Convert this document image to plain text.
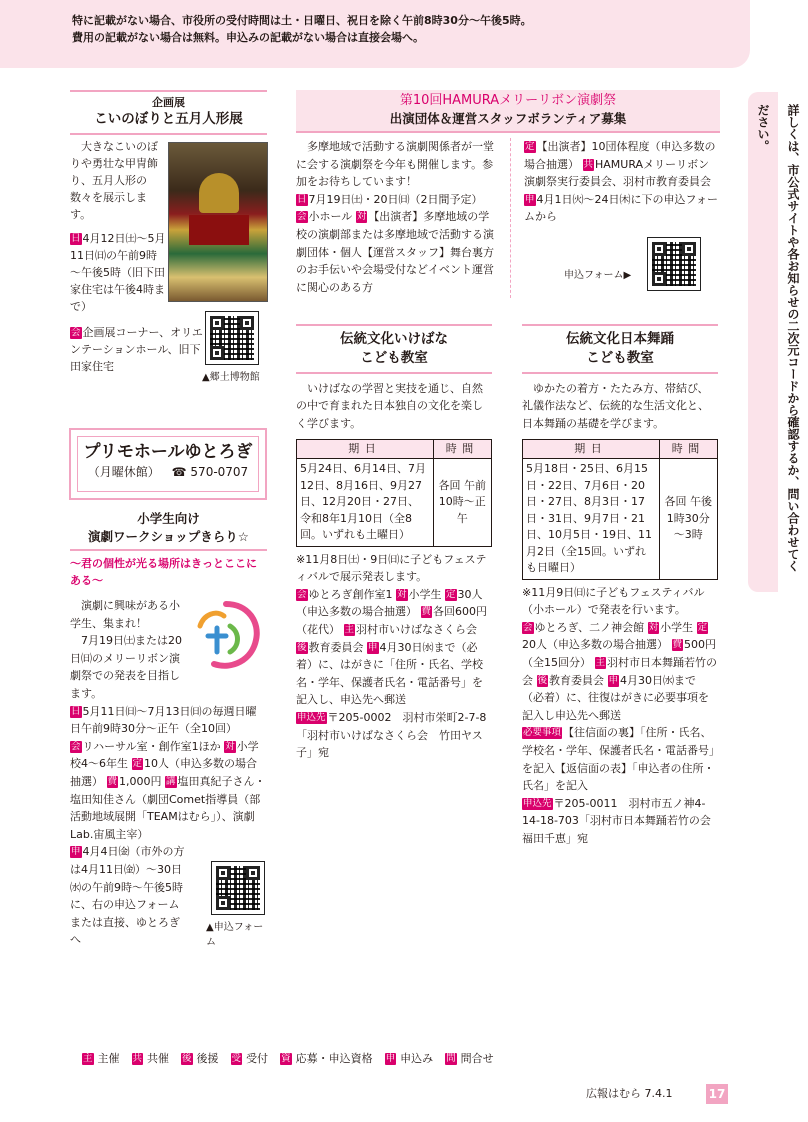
特に記載がない場合、市役所の受付時間は土・日曜日、祝日を除く午前8時30分～午後5時。
費用の記載がない場合は無料。申込みの記載がない場合は直接会場へ。
詳しくは、市公式サイトや各お知らせの二次元コードから確認するか、問い合わせてください。
企画展
こいのぼりと五月人形展

大きなこいのぼりや勇壮な甲冑飾り、五月人形の数々を展示します。

日 4月12日㈯～5月11日㈰の午前9時～午後5時（旧下田家住宅は午後4時まで）
会 企画展コーナー、オリエンテーションホール、旧下田家住宅
▲郷土博物館
プリモホールゆとろぎ
（月曜休館） ☎ 570-0707
小学生向け
演劇ワークショップきらり☆
～君の個性が光る場所はきっとここにある～

演劇に興味がある小学生、集まれ！

7月19日㈯または20日㈰のメリーリボン演劇祭での発表を目指します。

日 5月11日㈰～7月13日㈰の毎週日曜日午前9時30分～正午（全10回）
会 リハーサル室・創作室1ほか 対 小学校4～6年生 定 10人（申込多数の場合抽選） 費 1,000円 講 塩田真紀子さん・塩田知佳さん（劇団Comet指導員（部活動地域展開「TEAMはむら」）、演劇Lab.宙風主宰）
申 4月4日㈮（市外の方は4月11日㈮）～30日㈬の午前9時～午後5時に、右の申込フォームまたは直接、ゆとろぎへ
▲申込フォーム
第10回HAMURAメリーリボン演劇祭
出演団体＆運営スタッフボランティア募集

多摩地域で活動する演劇関係者が一堂に会する演劇祭を今年も開催します。参加をお待ちしています！

日 7月19日㈯・20日㈰（2日間予定）
会 小ホール 対 【出演者】多摩地域の学校の演劇部または多摩地域で活動する演劇団体・個人【運営スタッフ】舞台裏方のお手伝いや会場受付などイベント運営に関心のある方
定 【出演者】10団体程度（申込多数の場合抽選） 共 HAMURAメリーリボン演劇祭実行委員会、羽村市教育委員会
申 4月1日㈫～24日㈭に下の申込フォームから
申込フォーム▶
伝統文化いけばな
こども教室

いけばなの学習と実技を通じ、自然の中で育まれた日本独自の文化を楽しく学びます。

期日	時間
5月24日、6月14日、7月12日、8月16日、9月27日、12月20日・27日、令和8年1月10日（全8回。いずれも土曜日）	各回 午前10時～正午
※11月8日㈯・9日㈰に子どもフェスティバルで展示発表します。
会 ゆとろぎ創作室1 対 小学生 定 30人（申込多数の場合抽選） 費 各回600円（花代） 主 羽村市いけばなさくら会 後 教育委員会 申 4月30日㈬まで（必着）に、はがきに「住所・氏名、学校名・学年、保護者氏名・電話番号」を記入し、申込先へ郵送
申込先 〒205-0002　羽村市栄町2-7-8「羽村市いけばなさくら会　竹田ヤス子」宛
伝統文化日本舞踊
こども教室

ゆかたの着方・たたみ方、帯結び、礼儀作法など、伝統的な生活文化と、日本舞踊の基礎を学びます。

期日	時間
5月18日・25日、6月15日・22日、7月6日・20日・27日、8月3日・17日・31日、9月7日・21日、10月5日・19日、11月2日（全15回。いずれも日曜日）	各回 午後1時30分～3時
※11月9日㈰に子どもフェスティバル（小ホール）で発表を行います。
会 ゆとろぎ、二ノ神会館 対 小学生 定20人（申込多数の場合抽選） 費 500円（全15回分） 主 羽村市日本舞踊若竹の会 後 教育委員会 申 4月30日㈬まで（必着）に、往復はがきに必要事項を記入し申込先へ郵送
必要事項 【往信面の裏】「住所・氏名、学校名・学年、保護者氏名・電話番号」を記入【返信面の表】「申込者の住所・氏名」を記入
申込先 〒205-0011　羽村市五ノ神4-14-18-703「羽村市日本舞踊若竹の会　福田千恵」宛
主 主催 共 共催 後 後援 受 受付 資 応募・申込資格 申 申込み 問 問合せ
広報はむら 7.4.1	17
